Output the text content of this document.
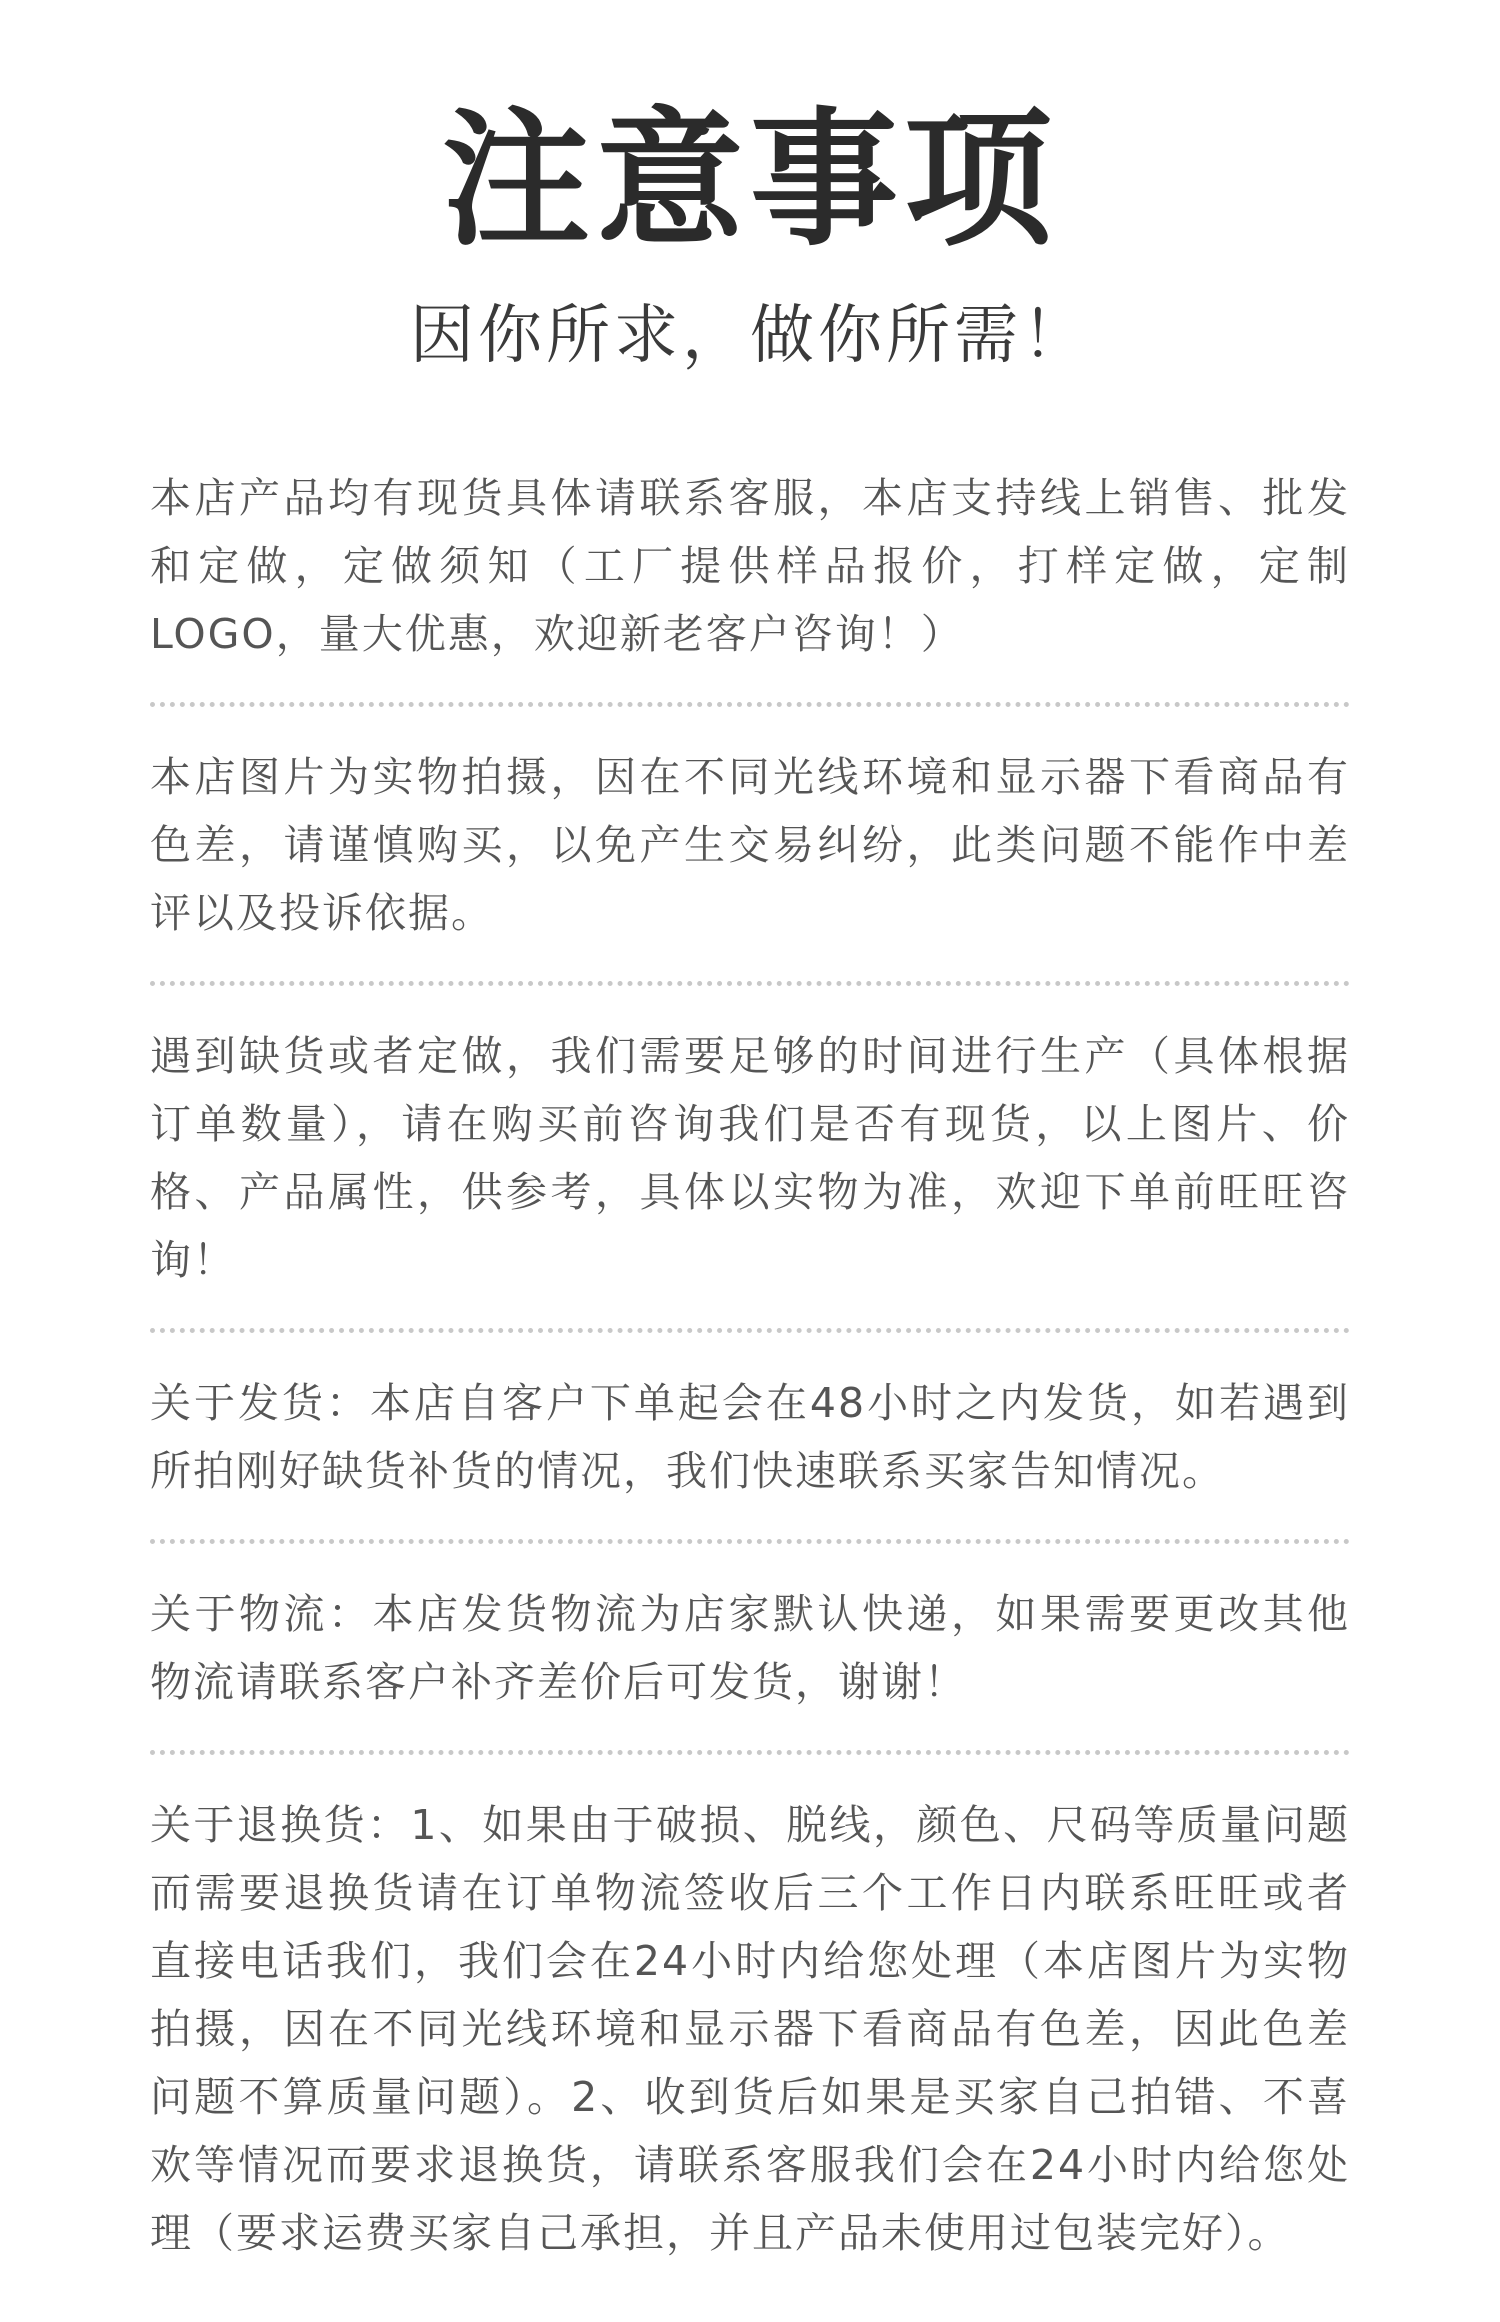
注意事项

因你所求，做你所需！

本店产品均有现货具体请联系客服，本店支持线上销售、批发和定做，定做须知（工厂提供样品报价，打样定做，定制LOGO，量大优惠，欢迎新老客户咨询！）

本店图片为实物拍摄，因在不同光线环境和显示器下看商品有色差，请谨慎购买，以免产生交易纠纷，此类问题不能作中差评以及投诉依据。

遇到缺货或者定做，我们需要足够的时间进行生产（具体根据订单数量），请在购买前咨询我们是否有现货，以上图片、价格、产品属性，供参考，具体以实物为准，欢迎下单前旺旺咨询！

关于发货：本店自客户下单起会在48小时之内发货，如若遇到所拍刚好缺货补货的情况，我们快速联系买家告知情况。

关于物流：本店发货物流为店家默认快递，如果需要更改其他物流请联系客户补齐差价后可发货，谢谢！

关于退换货：1、如果由于破损、脱线，颜色、尺码等质量问题而需要退换货请在订单物流签收后三个工作日内联系旺旺或者直接电话我们，我们会在24小时内给您处理（本店图片为实物拍摄，因在不同光线环境和显示器下看商品有色差，因此色差问题不算质量问题）。2、收到货后如果是买家自己拍错、不喜欢等情况而要求退换货，请联系客服我们会在24小时内给您处理（要求运费买家自己承担，并且产品未使用过包装完好）。
